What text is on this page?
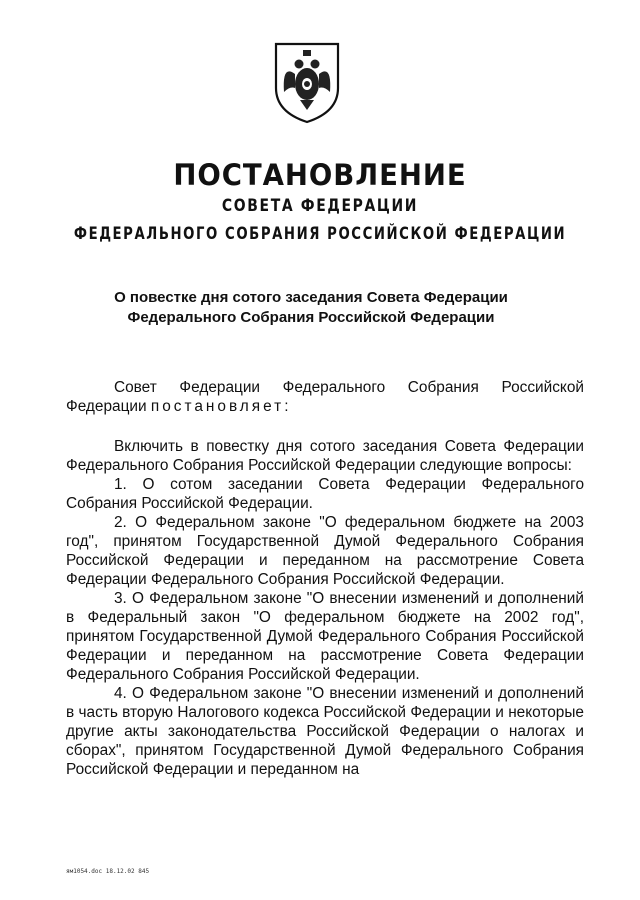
ПОСТАНОВЛЕНИЕ
СОВЕТА ФЕДЕРАЦИИ
ФЕДЕРАЛЬНОГО СОБРАНИЯ РОССИЙСКОЙ ФЕДЕРАЦИИ
О повестке дня сотого заседания Совета Федерации
Федерального Собрания Российской Федерации

Совет Федерации Федерального Собрания Российской Федерации постановляет:

Включить в повестку дня сотого заседания Совета Федерации Федерального Собрания Российской Федерации следующие вопросы:

1. О сотом заседании Совета Федерации Федерального Собрания Российской Федерации.

2. О Федеральном законе "О федеральном бюджете на 2003 год", принятом Государственной Думой Федерального Собрания Российской Федерации и переданном на рассмотрение Совета Федерации Федерального Собрания Российской Федерации.

3. О Федеральном законе "О внесении изменений и дополнений в Федеральный закон "О федеральном бюджете на 2002 год", принятом Государственной Думой Федерального Собрания Российской Федерации и переданном на рассмотрение Совета Федерации Федерального Собрания Российской Федерации.

4. О Федеральном законе "О внесении изменений и дополнений в часть вторую Налогового кодекса Российской Федерации и некоторые другие акты законодательства Российской Федерации о налогах и сборах", принятом Государственной Думой Федерального Собрания Российской Федерации и переданном на

ям1054.doc 18.12.02 845
